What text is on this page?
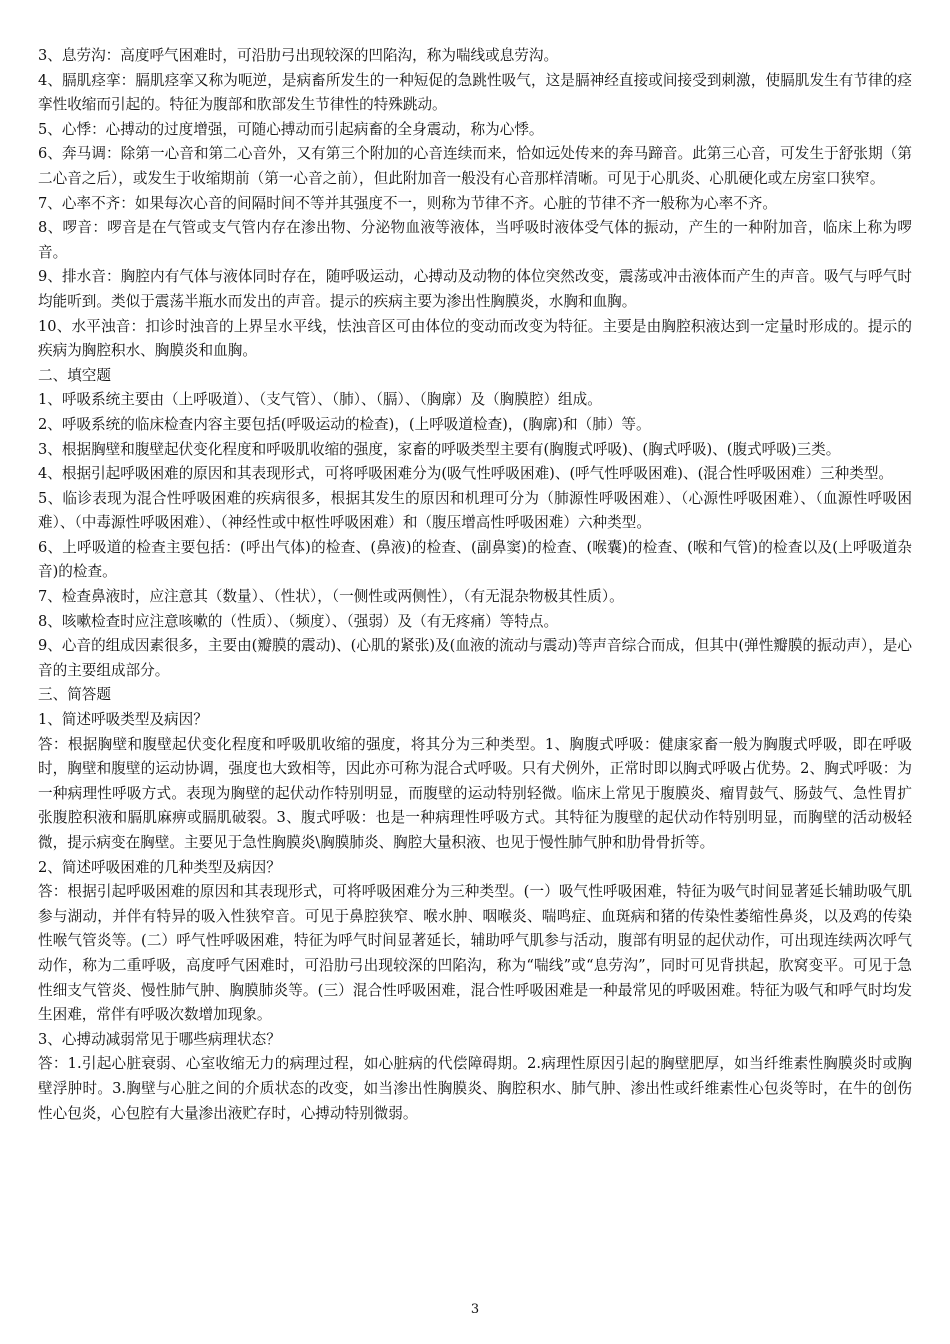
3、息劳沟：高度呼气困难时，可沿肋弓出现较深的凹陷沟，称为喘线或息劳沟。

4、膈肌痉挛：膈肌痉挛又称为呃逆，是病畜所发生的一种短促的急跳性吸气，这是膈神经直接或间接受到刺激，使膈肌发生有节律的痉挛性收缩而引起的。特征为腹部和肷部发生节律性的特殊跳动。

5、心悸：心搏动的过度增强，可随心搏动而引起病畜的全身震动，称为心悸。

6、奔马调：除第一心音和第二心音外，又有第三个附加的心音连续而来，恰如远处传来的奔马蹄音。此第三心音，可发生于舒张期（第二心音之后），或发生于收缩期前（第一心音之前），但此附加音一般没有心音那样清晰。可见于心肌炎、心肌硬化或左房室口狭窄。

7、心率不齐：如果每次心音的间隔时间不等并其强度不一，则称为节律不齐。心脏的节律不齐一般称为心率不齐。

8、啰音：啰音是在气管或支气管内存在渗出物、分泌物血液等液体，当呼吸时液体受气体的振动，产生的一种附加音，临床上称为啰音。

9、排水音：胸腔内有气体与液体同时存在，随呼吸运动，心搏动及动物的体位突然改变，震荡或冲击液体而产生的声音。吸气与呼气时均能听到。类似于震荡半瓶水而发出的声音。提示的疾病主要为渗出性胸膜炎，水胸和血胸。

10、水平浊音：扣诊时浊音的上界呈水平线，怯浊音区可由体位的变动而改变为特征。主要是由胸腔积液达到一定量时形成的。提示的疾病为胸腔积水、胸膜炎和血胸。

二、填空题

1、呼吸系统主要由（上呼吸道）、（支气管）、（肺）、（膈）、（胸廓）及（胸膜腔）组成。

2、呼吸系统的临床检查内容主要包括(呼吸运动的检查)，(上呼吸道检查)，(胸廓)和（肺）等。

3、根据胸壁和腹壁起伏变化程度和呼吸肌收缩的强度，家畜的呼吸类型主要有(胸腹式呼吸)、(胸式呼吸)、(腹式呼吸)三类。

4、根据引起呼吸困难的原因和其表现形式，可将呼吸困难分为(吸气性呼吸困难)、(呼气性呼吸困难)、(混合性呼吸困难）三种类型。

5、临诊表现为混合性呼吸困难的疾病很多，根据其发生的原因和机理可分为（肺源性呼吸困难）、（心源性呼吸困难）、（血源性呼吸困难）、（中毒源性呼吸困难）、（神经性或中枢性呼吸困难）和（腹压增高性呼吸困难）六种类型。

6、上呼吸道的检查主要包括：(呼出气体)的检查、(鼻液)的检查、(副鼻窦)的检查、(喉囊)的检查、(喉和气管)的检查以及(上呼吸道杂音)的检查。

7、检查鼻液时，应注意其（数量）、（性状），（一侧性或两侧性），（有无混杂物极其性质）。

8、咳嗽检查时应注意咳嗽的（性质）、（频度）、（强弱）及（有无疼痛）等特点。

9、心音的组成因素很多，主要由(瓣膜的震动)、(心肌的紧张)及(血液的流动与震动)等声音综合而成，但其中(弹性瓣膜的振动声），是心音的主要组成部分。

三、简答题

1、简述呼吸类型及病因？

答：根据胸壁和腹壁起伏变化程度和呼吸肌收缩的强度，将其分为三种类型。1、胸腹式呼吸：健康家畜一般为胸腹式呼吸，即在呼吸时，胸壁和腹壁的运动协调，强度也大致相等，因此亦可称为混合式呼吸。只有犬例外，正常时即以胸式呼吸占优势。2、胸式呼吸：为一种病理性呼吸方式。表现为胸壁的起伏动作特别明显，而腹壁的运动特别轻微。临床上常见于腹膜炎、瘤胃鼓气、肠鼓气、急性胃扩张腹腔积液和膈肌麻痹或膈肌破裂。3、腹式呼吸：也是一种病理性呼吸方式。其特征为腹壁的起伏动作特别明显，而胸壁的活动极轻微，提示病变在胸壁。主要见于急性胸膜炎\胸膜肺炎、胸腔大量积液、也见于慢性肺气肿和肋骨骨折等。

2、简述呼吸困难的几种类型及病因？

答：根据引起呼吸困难的原因和其表现形式，可将呼吸困难分为三种类型。(一）吸气性呼吸困难，特征为吸气时间显著延长辅助吸气肌参与湖动，并伴有特异的吸入性狭窄音。可见于鼻腔狭窄、喉水肿、咽喉炎、喘鸣症、血斑病和猪的传染性萎缩性鼻炎，以及鸡的传染性喉气管炎等。(二）呼气性呼吸困难，特征为呼气时间显著延长，辅助呼气肌参与活动，腹部有明显的起伏动作，可出现连续两次呼气动作，称为二重呼吸，高度呼气困难时，可沿肋弓出现较深的凹陷沟，称为“喘线”或“息劳沟”，同时可见背拱起，肷窝变平。可见于急性细支气管炎、慢性肺气肿、胸膜肺炎等。(三）混合性呼吸困难，混合性呼吸困难是一种最常见的呼吸困难。特征为吸气和呼气时均发生困难，常伴有呼吸次数增加现象。

3、心搏动减弱常见于哪些病理状态？

答：1.引起心脏衰弱、心室收缩无力的病理过程，如心脏病的代偿障碍期。2.病理性原因引起的胸壁肥厚，如当纤维素性胸膜炎时或胸壁浮肿时。3.胸壁与心脏之间的介质状态的改变，如当渗出性胸膜炎、胸腔积水、肺气肿、渗出性或纤维素性心包炎等时，在牛的创伤性心包炎，心包腔有大量渗出液贮存时，心搏动特别微弱。

3
